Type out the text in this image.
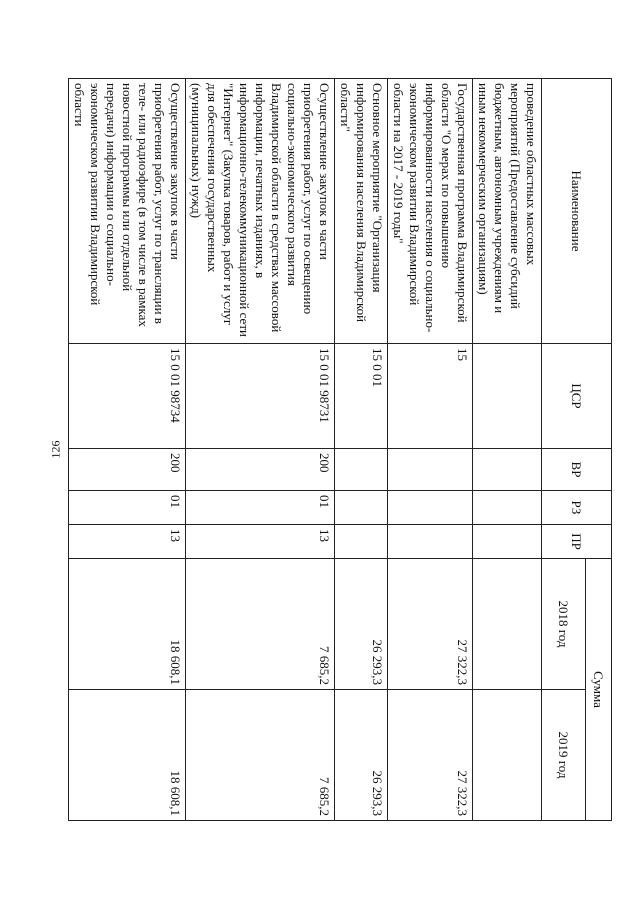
126
Наименование	ЦСР	ВР	РЗ	ПР	Сумма	
					2018 год	2019 год
проведение областных массовых мероприятий (Предоставление субсидий бюджетным, автономным учреждениям и иным некоммерческим организациям)						
Государственная программа Владимирской области "О мерах по повышению информированности населения о социально-экономическом развитии Владимирской области на 2017 - 2019 годы"	15				27 322,3	27 322,3
Основное мероприятие "Организация информирования населения Владимирской области"	15 0 01				26 293,3	26 293,3
Осуществление закупок в части приобретения работ, услуг по освещению социально-экономического развития Владимирской области в средствах массовой информации, печатных изданиях, в информационно-телекоммуникационной сети "Интернет" (Закупка товаров, работ и услуг для обеспечения государственных (муниципальных) нужд)	15 0 01 98731	200	01	13	7 685,2	7 685,2
Осуществление закупок в части приобретения работ, услуг по трансляции в теле- или радиоэфире (в том числе в рамках новостной программы или отдельной передачи) информации о социально-экономическом развитии Владимирской области	15 0 01 98734	200	01	13	18 608,1	18 608,1
